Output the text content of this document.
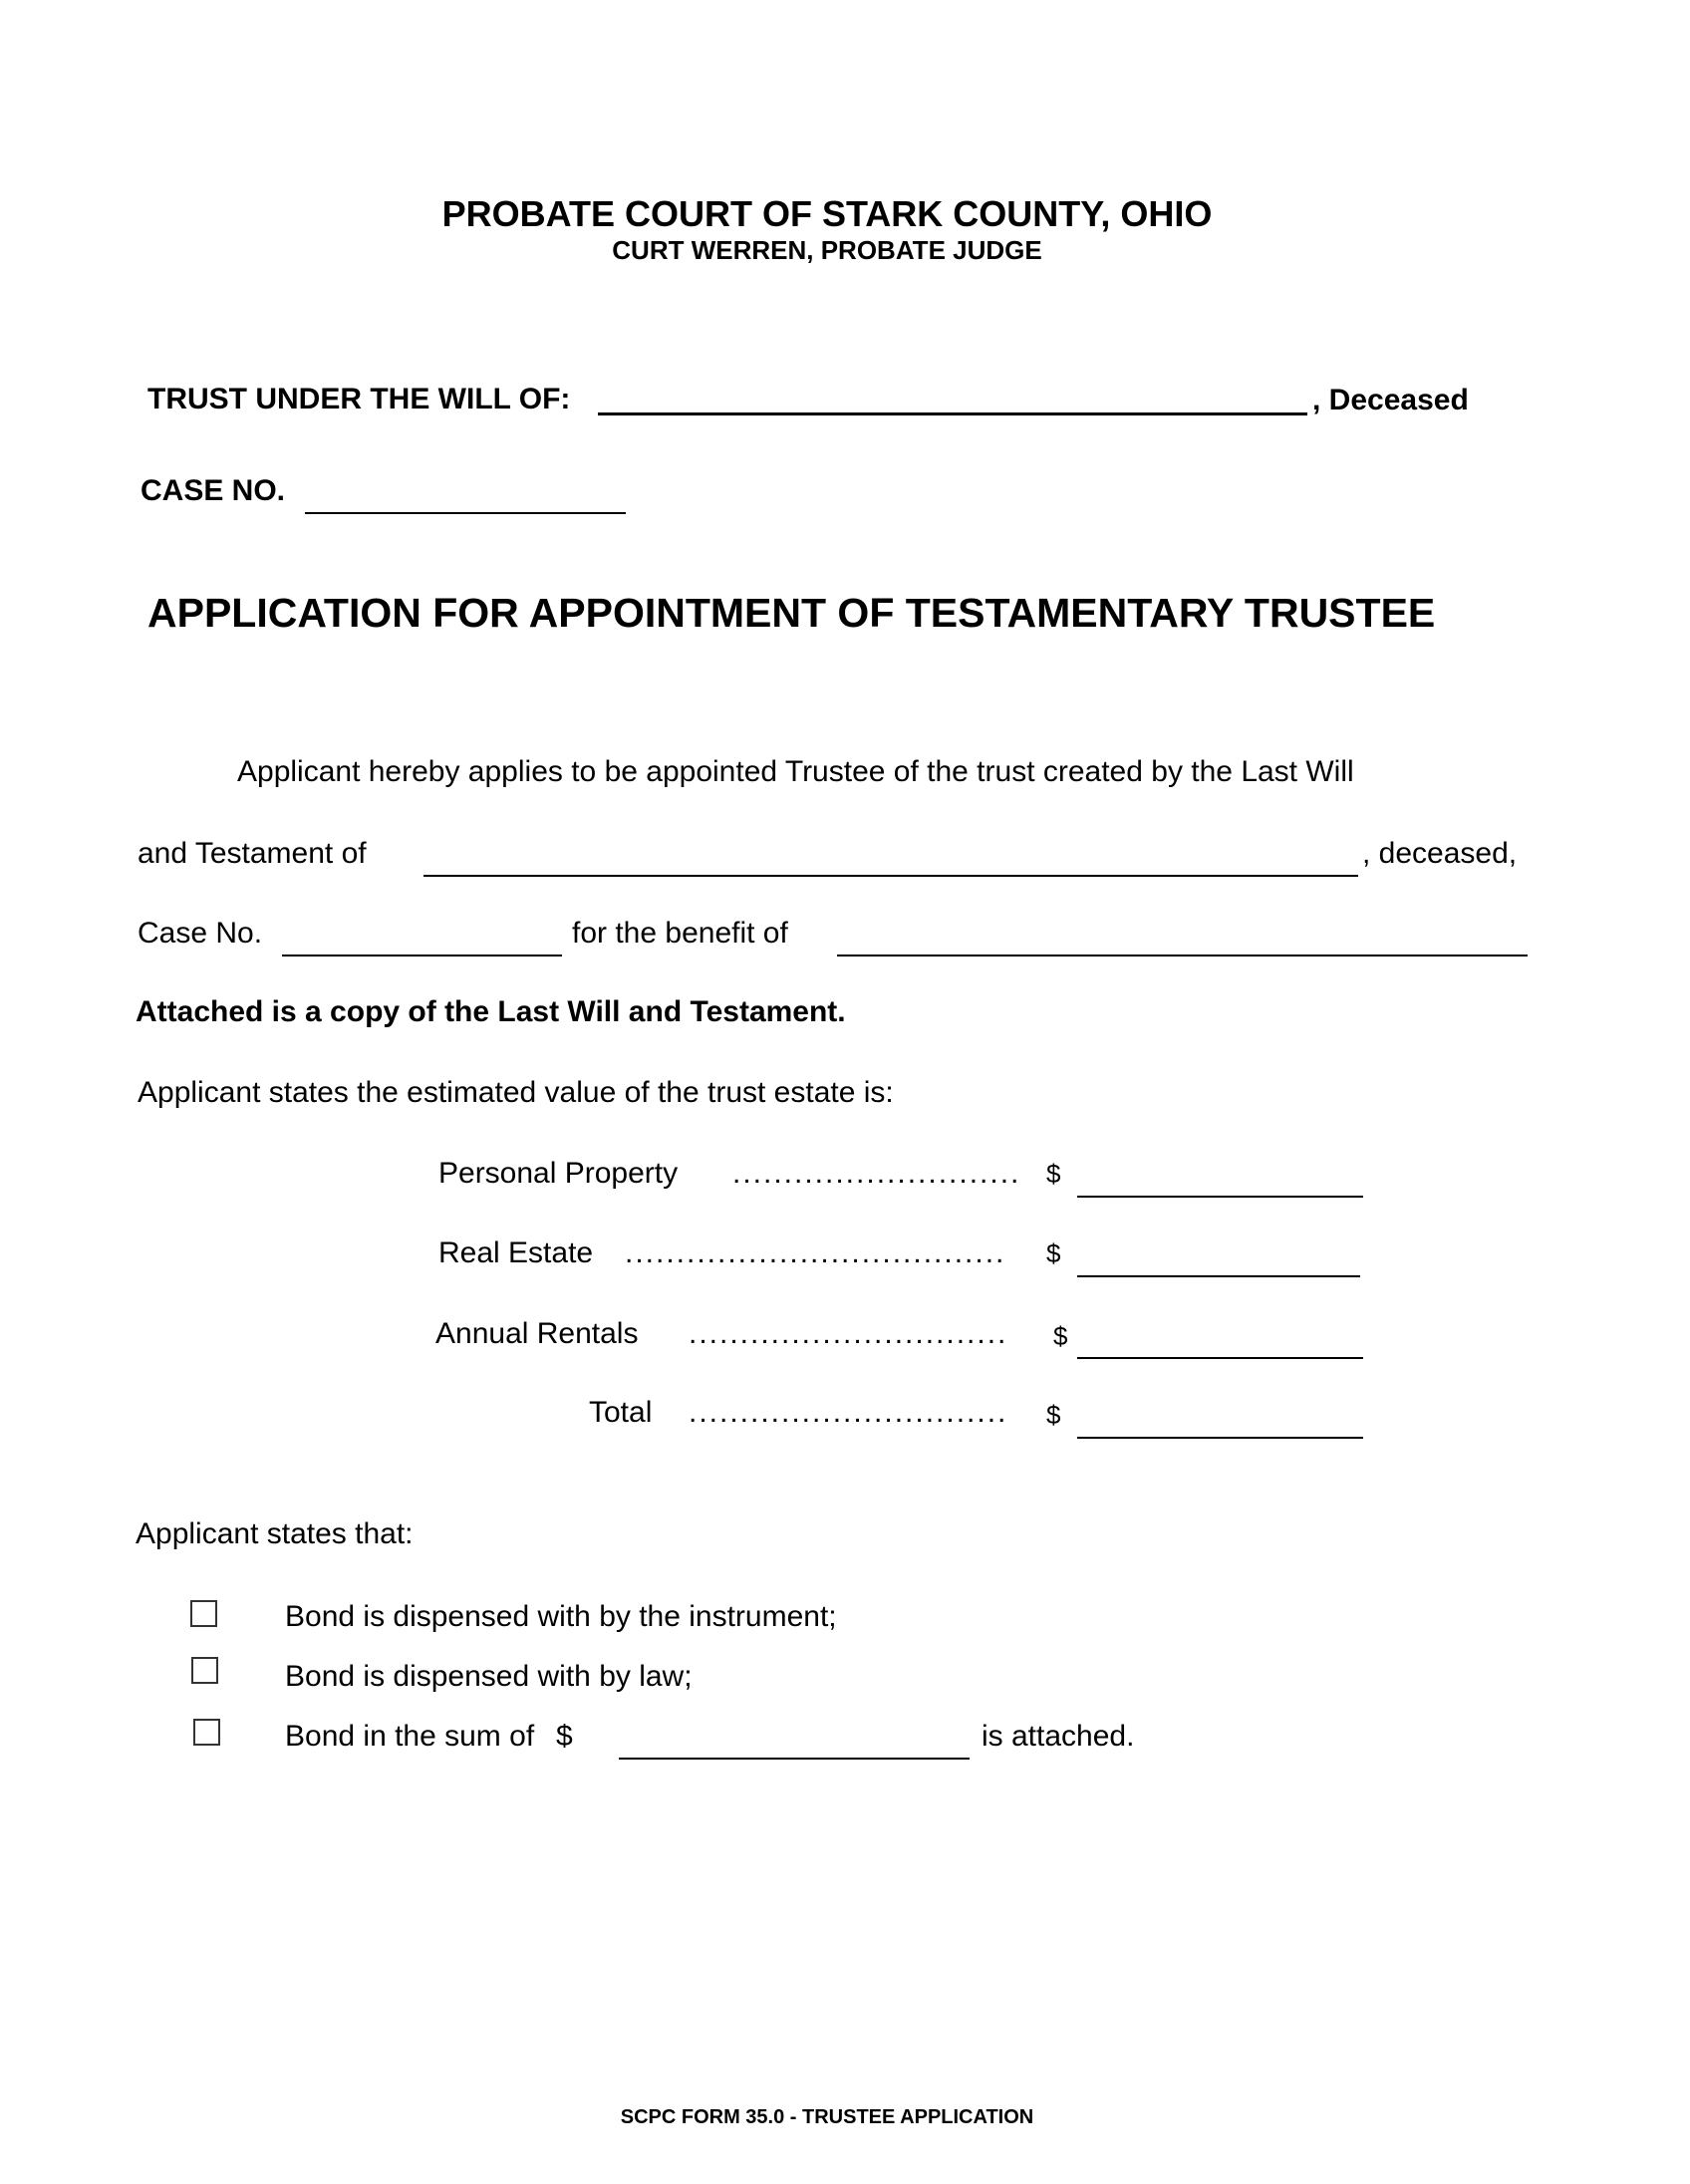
PROBATE COURT OF STARK COUNTY, OHIO
CURT WERREN, PROBATE JUDGE
TRUST UNDER THE WILL OF:	, Deceased
CASE NO.
APPLICATION FOR APPOINTMENT OF TESTAMENTARY TRUSTEE
Applicant hereby applies to be appointed Trustee of the trust created by the Last Will
and Testament of	, deceased,
Case No.	for the benefit of
Attached is a copy of the Last Will and Testament.
Applicant states the estimated value of the trust estate is:
Personal Property ............................ $
Real Estate ..................................... $
Annual Rentals ............................... $
Total ............................... $
Applicant states that:
Bond is dispensed with by the instrument;
Bond is dispensed with by law;
Bond in the sum of $	is attached.
SCPC FORM 35.0 - TRUSTEE APPLICATION
